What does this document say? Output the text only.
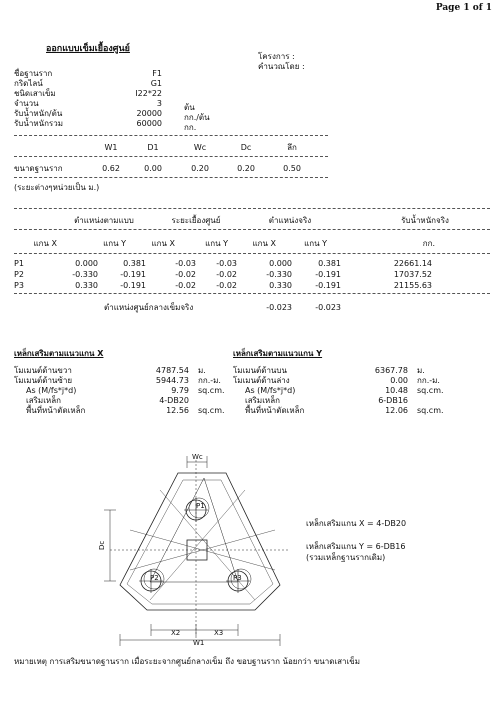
Page 1 of 1
ออกแบบเข็มเยื้องศูนย์
โครงการ :
คำนวณโดย :
ชื่อฐานราก	F1
กริดไลน์	G1
ชนิดเสาเข็ม	I22*22
จำนวน	3	ต้น
รับน้ำหนัก/ต้น	20000	กก./ต้น
รับน้ำหนักรวม	60000	กก.
W1	D1	Wc	Dc	ลึก
ขนาดฐานราก	0.62	0.00	0.20	0.20	0.50
(ระยะต่างๆหน่วยเป็น ม.)
ตำแหน่งตามแบบ	ระยะเยื้องศูนย์	ตำแหน่งจริง	รับน้ำหนักจริง
แกน X	แกน Y	แกน X	แกน Y	แกน X	แกน Y	กก.
P1	0.000	0.381	-0.03	-0.03	0.000	0.381	22661.14
P2	-0.330	-0.191	-0.02	-0.02	-0.330	-0.191	17037.52
P3	0.330	-0.191	-0.02	-0.02	0.330	-0.191	21155.63
ตำแหน่งศูนย์กลางเข็มจริง	-0.023	-0.023
เหล็กเสริมตามแนวแกน X
โมเมนต์ด้านขวา	4787.54 ม.
โมเมนต์ด้านซ้าย	5944.73 กก.-ม.
As (M/fs*j*d)	9.79 sq.cm.
เสริมเหล็ก	4-DB20
พื้นที่หน้าตัดเหล็ก	12.56 sq.cm.
เหล็กเสริมตามแนวแกน Y
โมเมนต์ด้านบน	6367.78 ม.
โมเมนต์ด้านล่าง	0.00 กก.-ม.
As (M/fs*j*d)	10.48 sq.cm.
เสริมเหล็ก	6-DB16
พื้นที่หน้าตัดเหล็ก	12.06 sq.cm.
Wc
Dc
X2	X3
W1
P1
P2	P3
เหล็กเสริมแกน X = 4-DB20
เหล็กเสริมแกน Y = 6-DB16
(รวมเหล็กฐานรากเดิม)
หมายเหตุ การเสริมขนาดฐานราก เมื่อระยะจากศูนย์กลางเข็ม ถึง ขอบฐานราก น้อยกว่า ขนาดเสาเข็ม
